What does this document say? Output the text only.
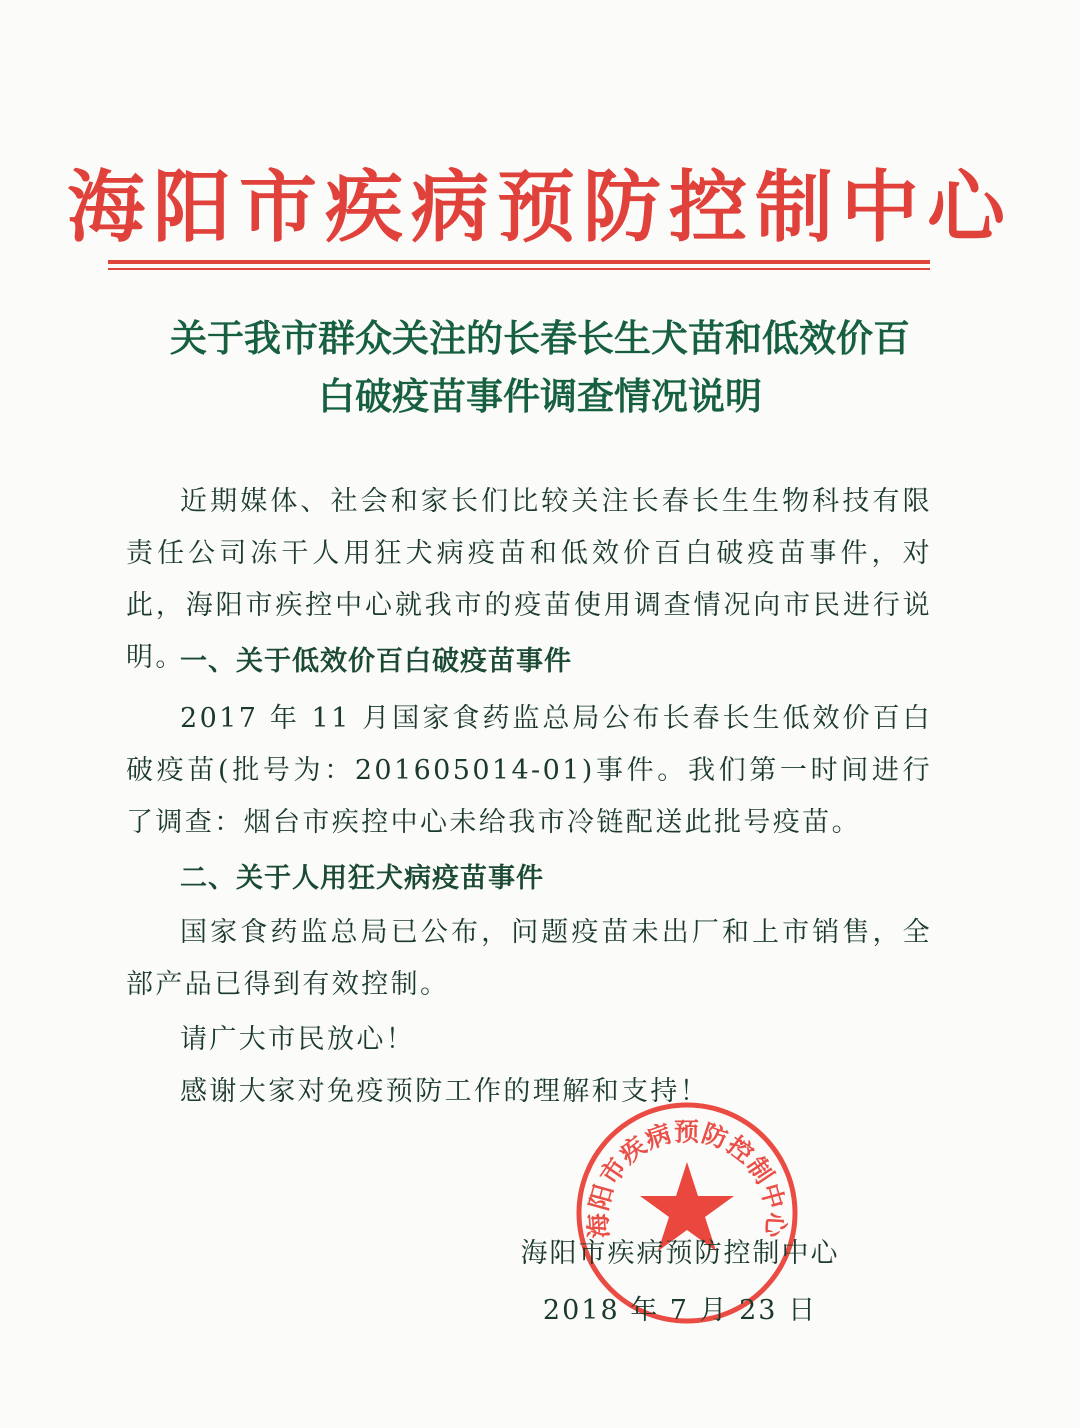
海阳市疾病预防控制中心
关于我市群众关注的长春长生犬苗和低效价百
白破疫苗事件调查情况说明
近期媒体、社会和家长们比较关注长春长生生物科技有限责任公司冻干人用狂犬病疫苗和低效价百白破疫苗事件，对此，海阳市疾控中心就我市的疫苗使用调查情况向市民进行说明。
一、关于低效价百白破疫苗事件
2017 年 11 月国家食药监总局公布长春长生低效价百白破疫苗(批号为：201605014-01)事件。我们第一时间进行了调查：烟台市疾控中心未给我市冷链配送此批号疫苗。
二、关于人用狂犬病疫苗事件
国家食药监总局已公布，问题疫苗未出厂和上市销售，全部产品已得到有效控制。
请广大市民放心！
感谢大家对免疫预防工作的理解和支持！
海阳市疾病预防控制中心
海阳市疾病预防控制中心
2018 年 7 月 23 日
